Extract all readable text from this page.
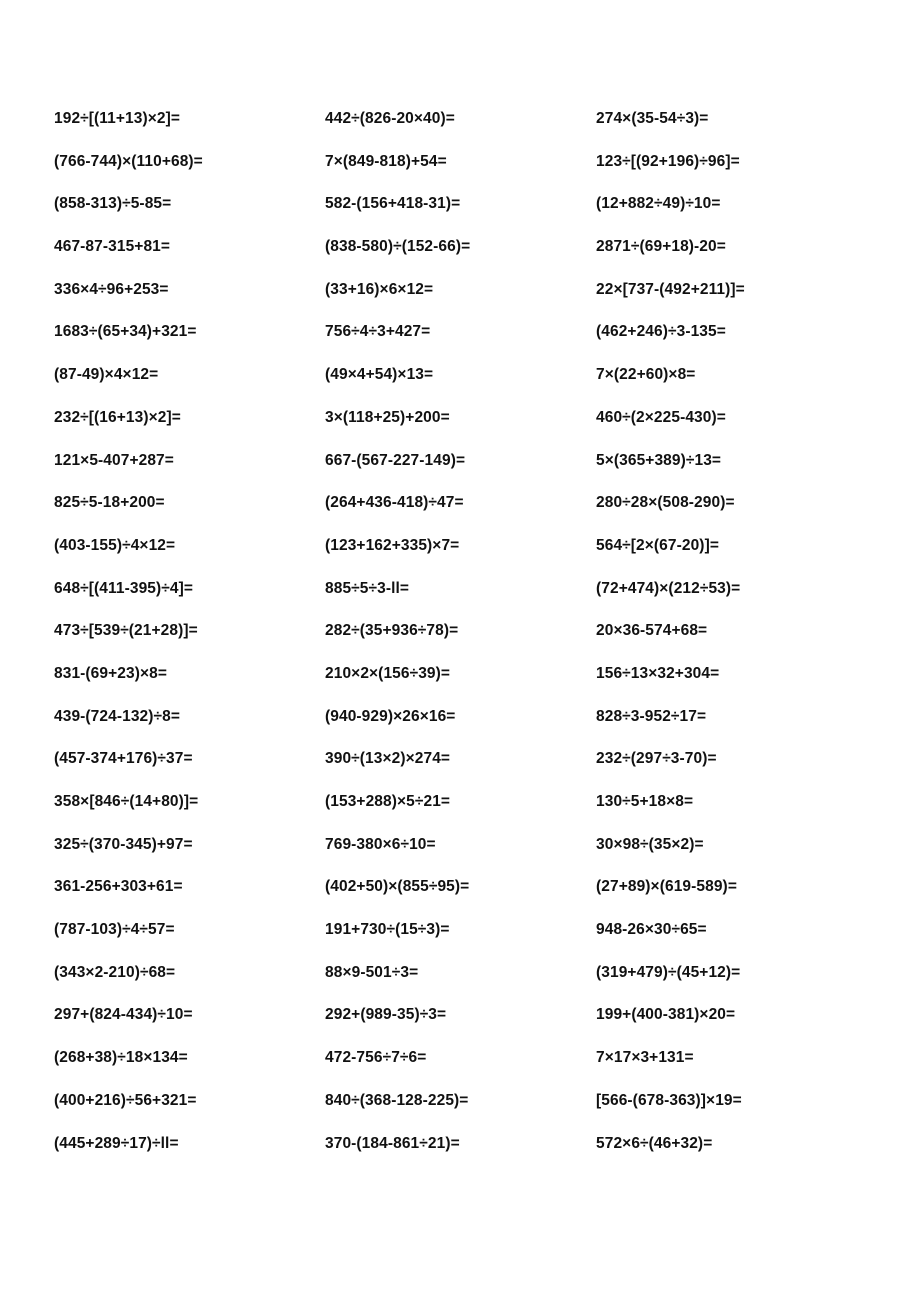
192÷[(11+13)×2]=	442÷(826-20×40)=	274×(35-54÷3)=
(766-744)×(110+68)=	7×(849-818)+54=	123÷[(92+196)÷96]=
(858-313)÷5-85=	582-(156+418-31)=	(12+882÷49)÷10=
467-87-315+81=	(838-580)÷(152-66)=	2871÷(69+18)-20=
336×4÷96+253=	(33+16)×6×12=	22×[737-(492+211)]=
1683÷(65+34)+321=	756÷4÷3+427=	(462+246)÷3-135=
(87-49)×4×12=	(49×4+54)×13=	7×(22+60)×8=
232÷[(16+13)×2]=	3×(118+25)+200=	460÷(2×225-430)=
121×5-407+287=	667-(567-227-149)=	5×(365+389)÷13=
825÷5-18+200=	(264+436-418)÷47=	280÷28×(508-290)=
(403-155)÷4×12=	(123+162+335)×7=	564÷[2×(67-20)]=
648÷[(411-395)÷4]=	885÷5÷3-ll=	(72+474)×(212÷53)=
473÷[539÷(21+28)]=	282÷(35+936÷78)=	20×36-574+68=
831-(69+23)×8=	210×2×(156÷39)=	156÷13×32+304=
439-(724-132)÷8=	(940-929)×26×16=	828÷3-952÷17=
(457-374+176)÷37=	390÷(13×2)×274=	232÷(297÷3-70)=
358×[846÷(14+80)]=	(153+288)×5÷21=	130÷5+18×8=
325÷(370-345)+97=	769-380×6÷10=	30×98÷(35×2)=
361-256+303+61=	(402+50)×(855÷95)=	(27+89)×(619-589)=
(787-103)÷4÷57=	191+730÷(15÷3)=	948-26×30÷65=
(343×2-210)÷68=	88×9-501÷3=	(319+479)÷(45+12)=
297+(824-434)÷10=	292+(989-35)÷3=	199+(400-381)×20=
(268+38)÷18×134=	472-756÷7÷6=	7×17×3+131=
(400+216)÷56+321=	840÷(368-128-225)=	[566-(678-363)]×19=
(445+289÷17)÷ll=	370-(184-861÷21)=	572×6÷(46+32)=
